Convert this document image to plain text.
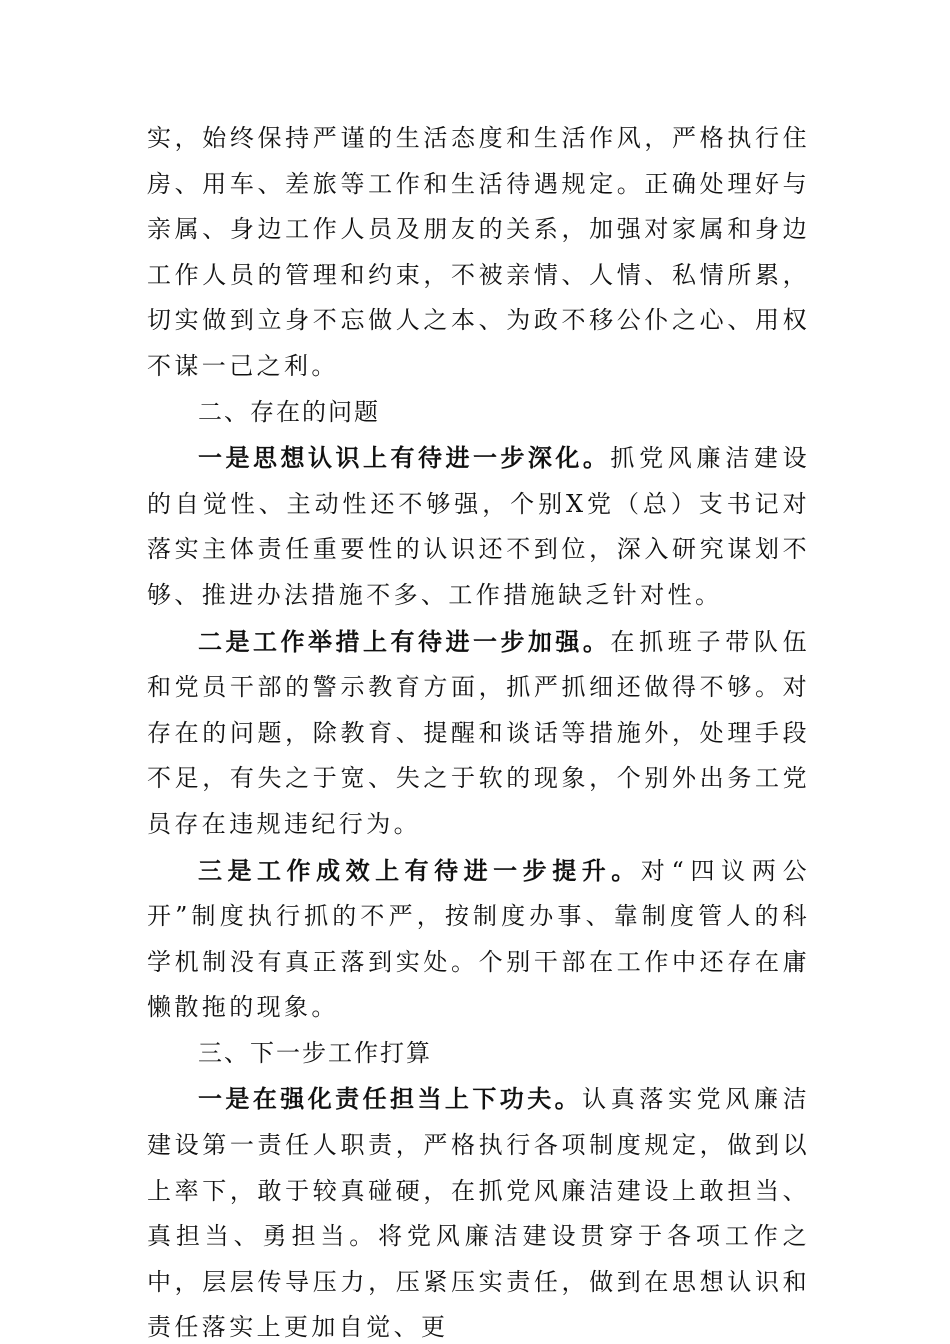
实，始终保持严谨的生活态度和生活作风，严格执行住房、用车、差旅等工作和生活待遇规定。正确处理好与亲属、身边工作人员及朋友的关系，加强对家属和身边工作人员的管理和约束，不被亲情、人情、私情所累，切实做到立身不忘做人之本、为政不移公仆之心、用权不谋一己之利。

二、存在的问题

一是思想认识上有待进一步深化。抓党风廉洁建设的自觉性、主动性还不够强，个别X党（总）支书记对落实主体责任重要性的认识还不到位，深入研究谋划不够、推进办法措施不多、工作措施缺乏针对性。

二是工作举措上有待进一步加强。在抓班子带队伍和党员干部的警示教育方面，抓严抓细还做得不够。对存在的问题，除教育、提醒和谈话等措施外，处理手段不足，有失之于宽、失之于软的现象，个别外出务工党员存在违规违纪行为。

三是工作成效上有待进一步提升。对“四议两公开”制度执行抓的不严，按制度办事、靠制度管人的科学机制没有真正落到实处。个别干部在工作中还存在庸懒散拖的现象。

三、下一步工作打算

一是在强化责任担当上下功夫。认真落实党风廉洁建设第一责任人职责，严格执行各项制度规定，做到以上率下，敢于较真碰硬，在抓党风廉洁建设上敢担当、真担当、勇担当。将党风廉洁建设贯穿于各项工作之中，层层传导压力，压紧压实责任，做到在思想认识和责任落实上更加自觉、更
